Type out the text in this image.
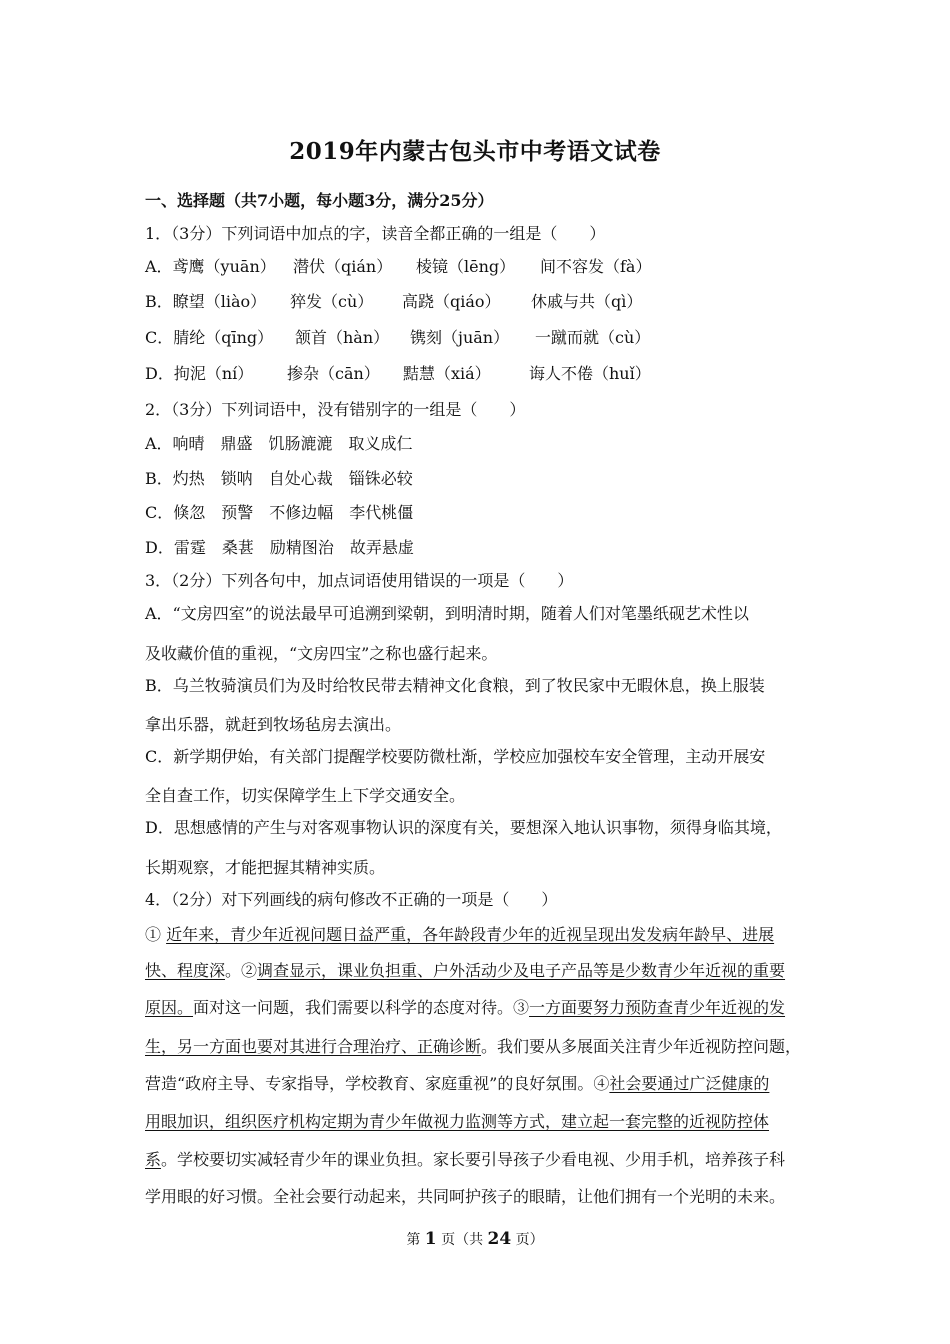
2019年内蒙古包头市中考语文试卷
一、选择题（共7小题，每小题3分，满分25分）
1．（3分）下列词语中加点的字，读音全都正确的一组是（　　）
A．鸢鹰（yuān） 潜伏（qián） 棱镜（lēng） 间不容发（fà）
B．瞭望（liào） 猝发（cù） 高跷（qiáo） 休戚与共（qì）
C．腈纶（qīng） 颔首（hàn） 镌刻（juān） 一蹴而就（cù）
D．拘泥（ní） 掺杂（cān） 黠慧（xiá） 诲人不倦（huǐ）
2．（3分）下列词语中，没有错别字的一组是（　　）
A．响晴　鼎盛　饥肠漉漉　取义成仁
B．灼热　锁呐　自处心裁　锱铢必较
C．倏忽　预警　不修边幅　李代桃僵
D．雷霆　桑葚　励精图治　故弄悬虚
3．（2分）下列各句中，加点词语使用错误的一项是（　　）
A．“文房四室”的说法最早可追溯到梁朝，到明清时期，随着人们对笔墨纸砚艺术性以
及收藏价值的重视，“文房四宝”之称也盛行起来。
B．乌兰牧骑演员们为及时给牧民带去精神文化食粮，到了牧民家中无暇休息，换上服装
拿出乐器，就赶到牧场毡房去演出。
C．新学期伊始，有关部门提醒学校要防微杜渐，学校应加强校车安全管理，主动开展安
全自查工作，切实保障学生上下学交通安全。
D．思想感情的产生与对客观事物认识的深度有关，要想深入地认识事物，须得身临其境，
长期观察，才能把握其精神实质。
4．（2分）对下列画线的病句修改不正确的一项是（　　）
① 近年来，青少年近视问题日益严重，各年龄段青少年的近视呈现出发发病年龄早、进展
快、程度深。②调查显示，课业负担重、户外活动少及电子产品等是少数青少年近视的重要
原因。面对这一问题，我们需要以科学的态度对待。③一方面要努力预防查青少年近视的发
生，另一方面也要对其进行合理治疗、正确诊断。我们要从多展面关注青少年近视防控问题，
营造“政府主导、专家指导，学校教育、家庭重视”的良好氛围。④社会要通过广泛健康的
用眼加识，组织医疗机构定期为青少年做视力监测等方式，建立起一套完整的近视防控体
系。学校要切实减轻青少年的课业负担。家长要引导孩子少看电视、少用手机，培养孩子科
学用眼的好习惯。全社会要行动起来，共同呵护孩子的眼睛，让他们拥有一个光明的未来。
第 1 页（共 24 页）
